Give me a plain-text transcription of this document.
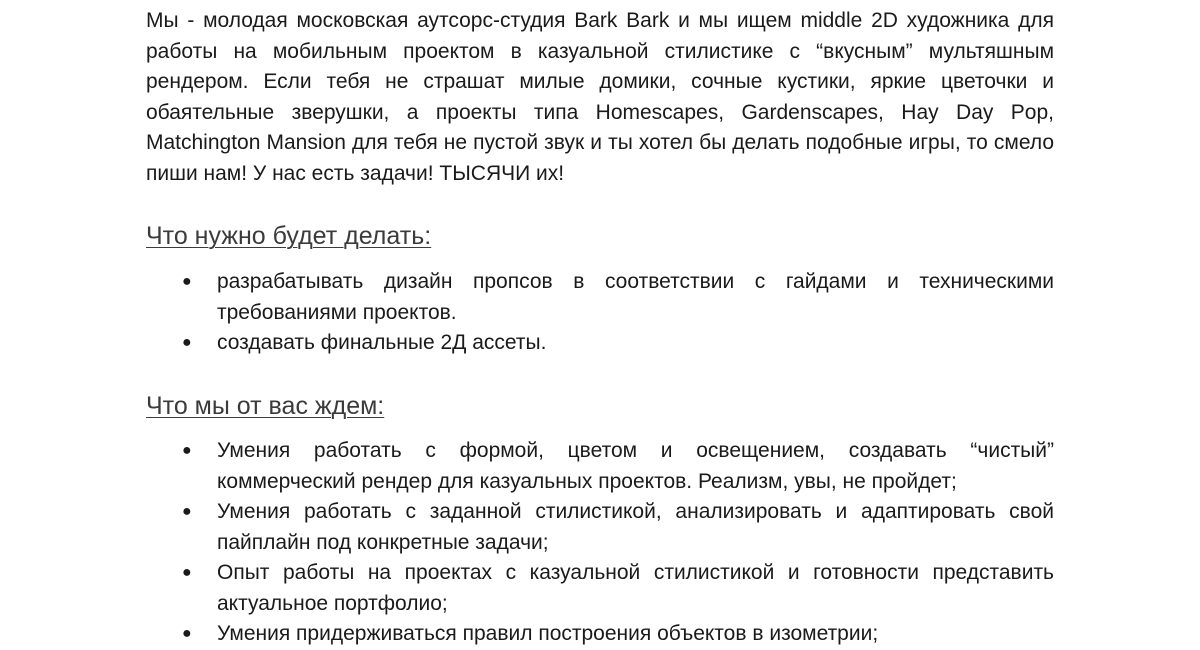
Мы - молодая московская аутсорс-студия Bark Bark и мы ищем middle 2D художника для работы на мобильным проектом в казуальной стилистике с “вкусным” мультяшным рендером. Если тебя не страшат милые домики, сочные кустики, яркие цветочки и обаятельные зверушки, а проекты типа Homescapes, Gardenscapes, Hay Day Pop, Matchington Mansion для тебя не пустой звук и ты хотел бы делать подобные игры, то смело пиши нам! У нас есть задачи! ТЫСЯЧИ их!

Что нужно будет делать:
● разрабатывать дизайн пропсов в соответствии с гайдами и техническими требованиями проектов.
● создавать финальные 2Д ассеты.
Что мы от вас ждем:
● Умения работать с формой, цветом и освещением, создавать “чистый” коммерческий рендер для казуальных проектов. Реализм, увы, не пройдет;
● Умения работать с заданной стилистикой, анализировать и адаптировать свой пайплайн под конкретные задачи;
● Опыт работы на проектах с казуальной стилистикой и готовности представить актуальное портфолио;
● Умения придерживаться правил построения объектов в изометрии;
